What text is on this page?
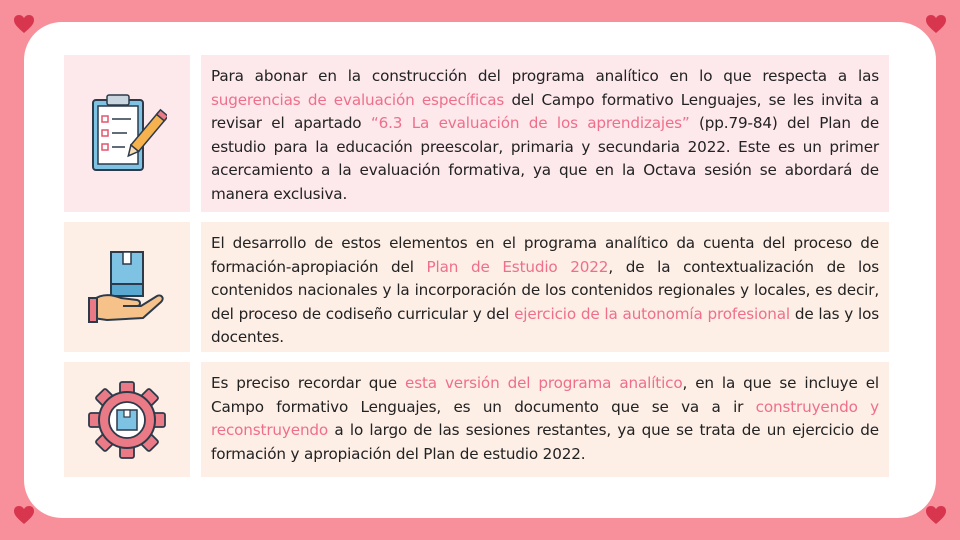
Para abonar en la construcción del programa analítico en lo que respecta a las sugerencias de evaluación específicas del Campo formativo Lenguajes, se les invita a revisar el apartado “6.3 La evaluación de los aprendizajes” (pp.79-84) del Plan de estudio para la educación preescolar, primaria y secundaria 2022. Este es un primer acercamiento a la evaluación formativa, ya que en la Octava sesión se abordará de manera exclusiva.

El desarrollo de estos elementos en el programa analítico da cuenta del proceso de formación-apropiación del Plan de Estudio 2022, de la contextualización de los contenidos nacionales y la incorporación de los contenidos regionales y locales, es decir, del proceso de codiseño curricular y del ejercicio de la autonomía profesional de las y los docentes.

Es preciso recordar que esta versión del programa analítico, en la que se incluye el Campo formativo Lenguajes, es un documento que se va a ir construyendo y reconstruyendo a lo largo de las sesiones restantes, ya que se trata de un ejercicio de formación y apropiación del Plan de estudio 2022.
